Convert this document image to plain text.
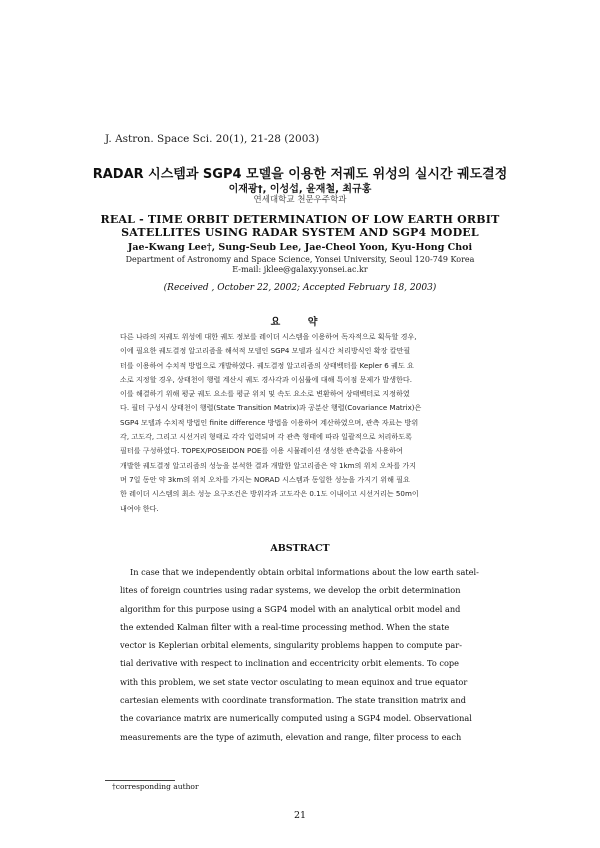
J. Astron. Space Sci. 20(1), 21-28 (2003)
RADAR 시스템과 SGP4 모델을 이용한 저궤도 위성의 실시간 궤도결정
이재광†, 이성섭, 윤재철, 최규홍
연세대학교 천문우주학과
REAL - TIME ORBIT DETERMINATION OF LOW EARTH ORBIT
SATELLITES USING RADAR SYSTEM AND SGP4 MODEL
Jae-Kwang Lee†, Sung-Seub Lee, Jae-Cheol Yoon, Kyu-Hong Choi
Department of Astronomy and Space Science, Yonsei University, Seoul 120-749 Korea
E-mail: jklee@galaxy.yonsei.ac.kr
(Received , October 22, 2002; Accepted February 18, 2003)
요 약
다른 나라의 저궤도 위성에 대한 궤도 정보를 레이더 시스템을 이용하여 독자적으로 획득할 경우,
이에 필요한 궤도결정 알고리즘을 해석적 모델인 SGP4 모델과 실시간 처리방식인 확장 칼만필
터를 이용하여 수치적 방법으로 개발하였다. 궤도결정 알고리즘의 상태벡터를 Kepler 6 궤도 요
소로 지정할 경우, 상태천이 행렬 계산시 궤도 경사각과 이심률에 대해 특이점 문제가 발생한다.
이를 해결하기 위해 평균 궤도 요소를 평균 위치 및 속도 요소로 변환하여 상태벡터로 지정하였
다. 필터 구성시 상태천이 행렬(State Transition Matrix)과 공분산 행렬(Covariance Matrix)은
SGP4 모델과 수치적 방법인 finite difference 방법을 이용하여 계산하였으며, 관측 자료는 방위
각, 고도각, 그리고 시선거리 형태로 각각 입력되며 각 관측 형태에 따라 일괄적으로 처리하도록
필터를 구성하였다. TOPEX/POSEIDON POE를 이용 시뮬레이션 생성한 관측값을 사용하여
개발한 궤도결정 알고리즘의 성능을 분석한 결과 개발한 알고리즘은 약 1km의 위치 오차를 가지
며 7일 동안 약 3km의 위치 오차를 가지는 NORAD 시스템과 동일한 성능을 가지기 위해 필요
한 레이더 시스템의 최소 성능 요구조건은 방위각과 고도각은 0.1도 이내이고 시선거리는 50m이
내여야 한다.
ABSTRACT
In case that we independently obtain orbital informations about the low earth satel-
lites of foreign countries using radar systems, we develop the orbit determination
algorithm for this purpose using a SGP4 model with an analytical orbit model and
the extended Kalman filter with a real-time processing method. When the state
vector is Keplerian orbital elements, singularity problems happen to compute par-
tial derivative with respect to inclination and eccentricity orbit elements. To cope
with this problem, we set state vector osculating to mean equinox and true equator
cartesian elements with coordinate transformation. The state transition matrix and
the covariance matrix are numerically computed using a SGP4 model. Observational
measurements are the type of azimuth, elevation and range, filter process to each
†corresponding author
21
